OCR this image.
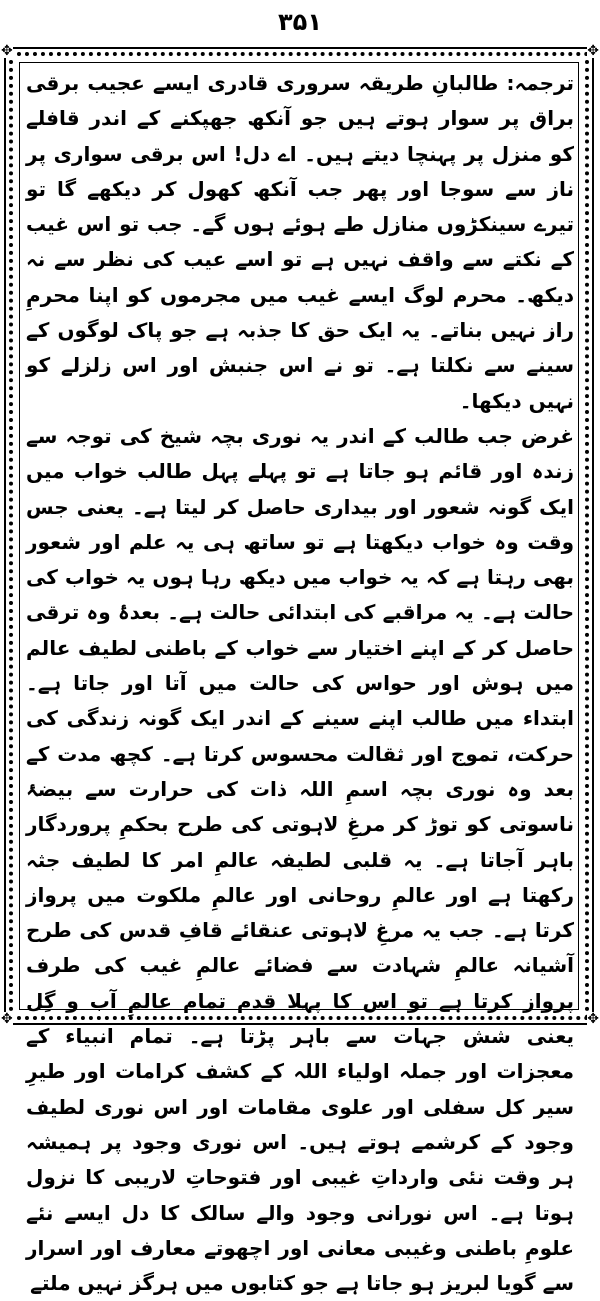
۳۵۱
✥	✥
✥	✥

ترجمہ: طالبانِ طریقہ سروری قادری ایسے عجیب برقی براق پر سوار ہوتے ہیں جو آنکھ جھپکنے کے اندر قافلے کو منزل پر پہنچا دیتے ہیں۔ اے دل! اس برقی سواری پر ناز سے سوجا اور پھر جب آنکھ کھول کر دیکھے گا تو تیرے سینکڑوں منازل طے ہوئے ہوں گے۔ جب تو اس غیب کے نکتے سے واقف نہیں ہے تو اسے عیب کی نظر سے نہ دیکھ۔ محرم لوگ ایسے غیب میں مجرموں کو اپنا محرمِ راز نہیں بناتے۔ یہ ایک حق کا جذبہ ہے جو پاک لوگوں کے سینے سے نکلتا ہے۔ تو نے اس جنبش اور اس زلزلے کو نہیں دیکھا۔

غرض جب طالب کے اندر یہ نوری بچہ شیخ کی توجہ سے زندہ اور قائم ہو جاتا ہے تو پہلے پہل طالب خواب میں ایک گونہ شعور اور بیداری حاصل کر لیتا ہے۔ یعنی جس وقت وہ خواب دیکھتا ہے تو ساتھ ہی یہ علم اور شعور بھی رہتا ہے کہ یہ خواب میں دیکھ رہا ہوں یہ خواب کی حالت ہے۔ یہ مراقبے کی ابتدائی حالت ہے۔ بعدۂ وہ ترقی حاصل کر کے اپنے اختیار سے خواب کے باطنی لطیف عالم میں ہوش اور حواس کی حالت میں آتا اور جاتا ہے۔ ابتداء میں طالب اپنے سینے کے اندر ایک گونہ زندگی کی حرکت، تموج اور ثقالت محسوس کرتا ہے۔ کچھ مدت کے بعد وہ نوری بچہ اسمِ اللہ ذات کی حرارت سے بیضۂ ناسوتی کو توڑ کر مرغِ لاہوتی کی طرح بحکمِ پروردگار باہر آجاتا ہے۔ یہ قلبی لطیفہ عالمِ امر کا لطیف جثہ رکھتا ہے اور عالمِ روحانی اور عالمِ ملکوت میں پرواز کرتا ہے۔ جب یہ مرغِ لاہوتی عنقائے قافِ قدس کی طرح آشیانہ عالمِ شہادت سے فضائے عالمِ غیب کی طرف پرواز کرتا ہے تو اس کا پہلا قدم تمام عالمِ آب و گِل یعنی شش جہات سے باہر پڑتا ہے۔ تمام انبیاء کے معجزات اور جملہ اولیاء اللہ کے کشف کرامات اور طیرِ سیر کل سفلی اور علوی مقامات اور اس نوری لطیف وجود کے کرشمے ہوتے ہیں۔ اس نوری وجود پر ہمیشہ ہر وقت نئی وارداتِ غیبی اور فتوحاتِ لاریبی کا نزول ہوتا ہے۔ اس نورانی وجود والے سالک کا دل ایسے نئے علومِ باطنی وغیبی معانی اور اچھوتے معارف اور اسرار سے گویا لبریز ہو جاتا ہے جو کتابوں میں ہرگز نہیں ملتے
